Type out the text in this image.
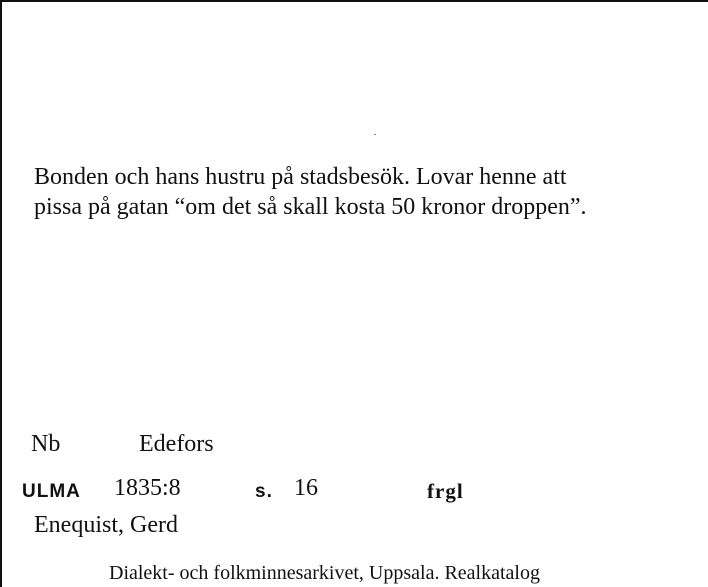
Bonden och hans hustru på stadsbesök. Lovar henne att
pissa på gatan “om det så skall kosta 50 kronor droppen”.

Nb	Edefors
ULMA 1835:8	s. 16	frgl
Enequist, Gerd
Dialekt- och folkminnesarkivet, Uppsala. Realkatalog
